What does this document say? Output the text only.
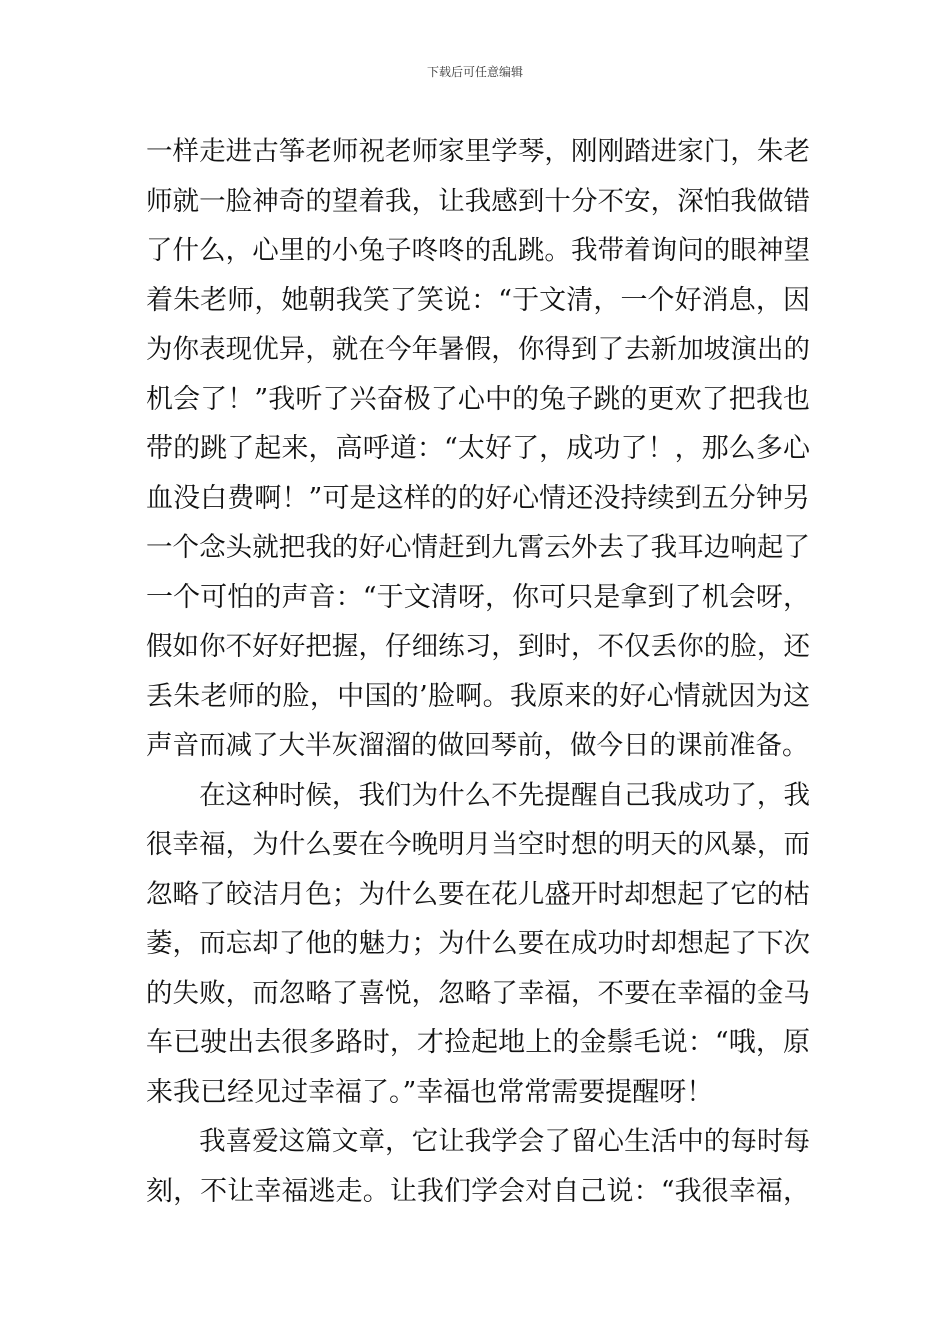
下载后可任意编辑
一样走进古筝老师祝老师家里学琴，刚刚踏进家门，朱老
师就一脸神奇的望着我，让我感到十分不安，深怕我做错
了什么，心里的小兔子咚咚的乱跳。我带着询问的眼神望
着朱老师，她朝我笑了笑说：“于文清，一个好消息，因
为你表现优异，就在今年暑假，你得到了去新加坡演出的
机会了！”我听了兴奋极了心中的兔子跳的更欢了把我也
带的跳了起来，高呼道：“太好了，成功了！，那么多心
血没白费啊！”可是这样的的好心情还没持续到五分钟另
一个念头就把我的好心情赶到九霄云外去了我耳边响起了
一个可怕的声音：“于文清呀，你可只是拿到了机会呀，
假如你不好好把握，仔细练习，到时，不仅丢你的脸，还
丢朱老师的脸，中国的’脸啊。我原来的好心情就因为这
声音而减了大半灰溜溜的做回琴前，做今日的课前准备。
　　在这种时候，我们为什么不先提醒自己我成功了，我
很幸福，为什么要在今晚明月当空时想的明天的风暴，而
忽略了皎洁月色；为什么要在花儿盛开时却想起了它的枯
萎，而忘却了他的魅力；为什么要在成功时却想起了下次
的失败，而忽略了喜悦，忽略了幸福，不要在幸福的金马
车已驶出去很多路时，才捡起地上的金鬃毛说：“哦，原
来我已经见过幸福了。”幸福也常常需要提醒呀！
　　我喜爱这篇文章，它让我学会了留心生活中的每时每
刻，不让幸福逃走。让我们学会对自己说：“我很幸福，
